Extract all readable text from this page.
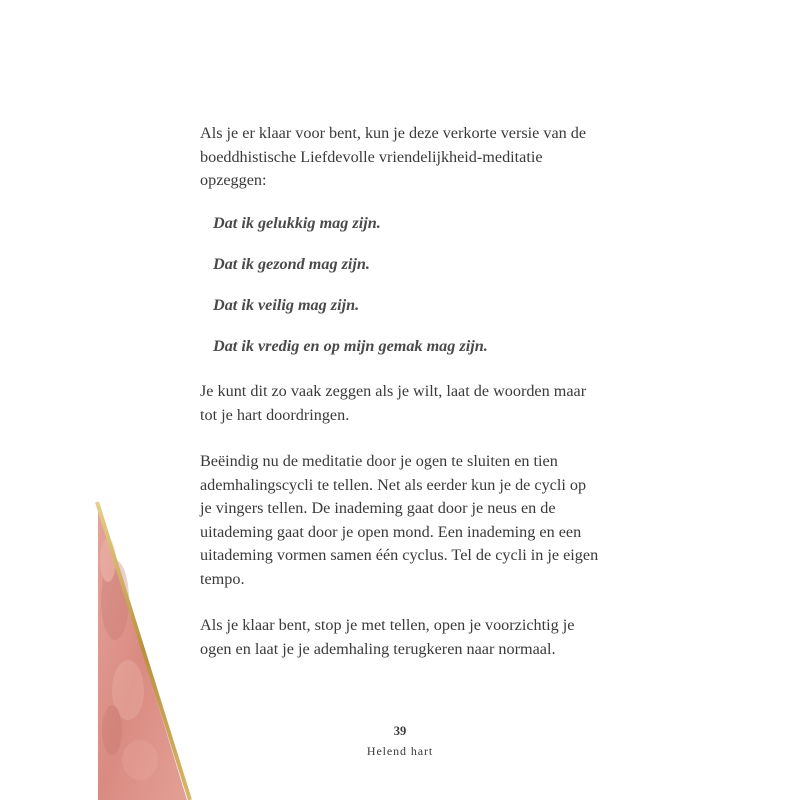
Als je er klaar voor bent, kun je deze verkorte versie van de boeddhistische Liefdevolle vriendelijkheid-meditatie opzeggen:

Dat ik gelukkig mag zijn.

Dat ik gezond mag zijn.

Dat ik veilig mag zijn.

Dat ik vredig en op mijn gemak mag zijn.

Je kunt dit zo vaak zeggen als je wilt, laat de woorden maar tot je hart doordringen.

Beëindig nu de meditatie door je ogen te sluiten en tien ademhalingscycli te tellen. Net als eerder kun je de cycli op je vingers tellen. De inademing gaat door je neus en de uitademing gaat door je open mond. Een inademing en een uitademing vormen samen één cyclus. Tel de cycli in je eigen tempo.

Als je klaar bent, stop je met tellen, open je voorzichtig je ogen en laat je je ademhaling terugkeren naar normaal.

39
Helend hart
